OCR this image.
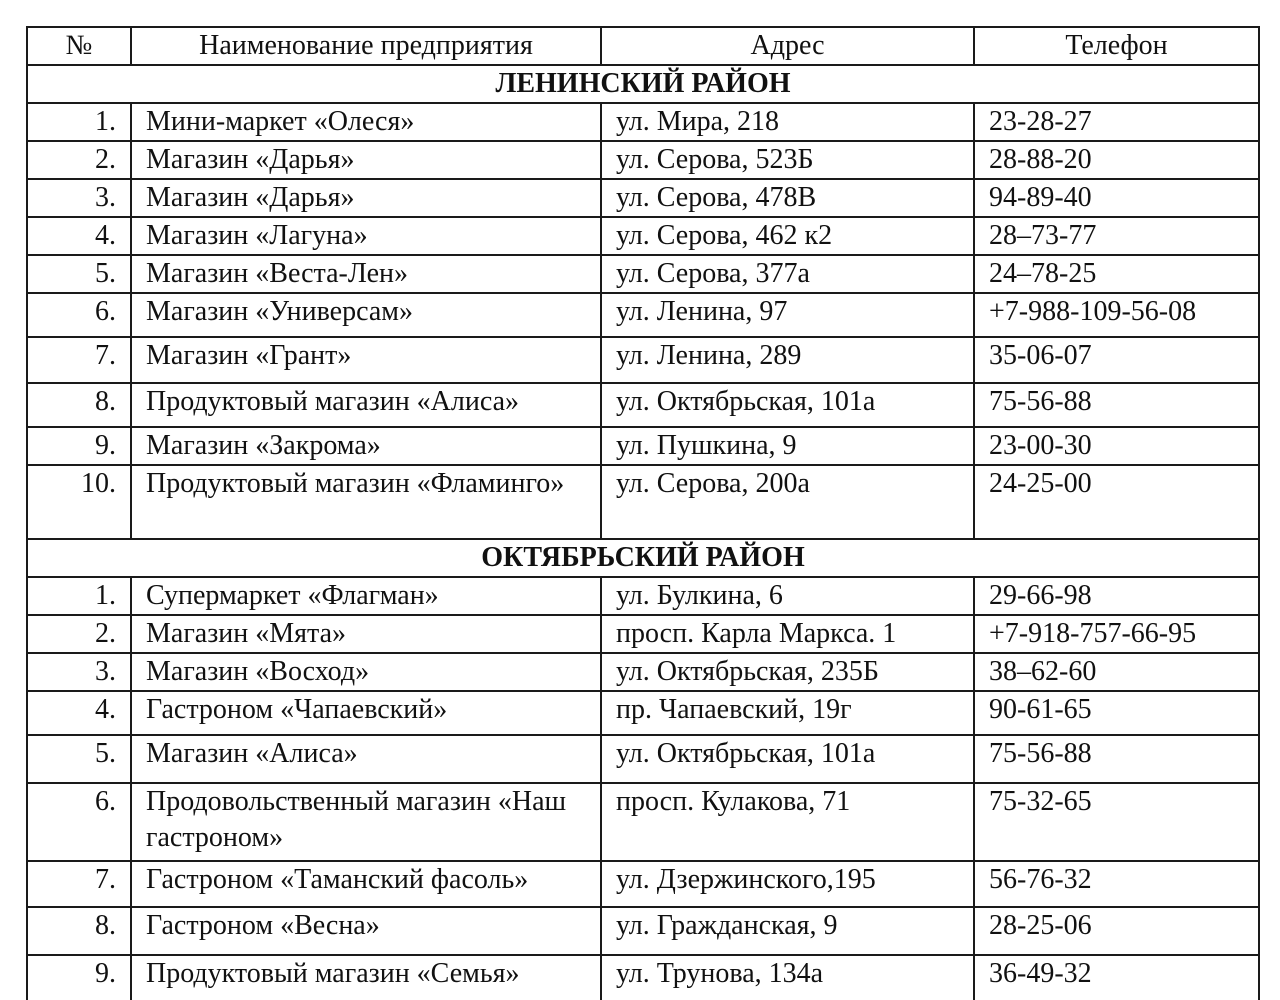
№	Наименование предприятия	Адрес	Телефон
ЛЕНИНСКИЙ РАЙОН			
1.	Мини-маркет «Олеся»	ул. Мира, 218	23-28-27
2.	Магазин «Дарья»	ул. Серова, 523Б	28-88-20
3.	Магазин «Дарья»	ул. Серова, 478В	94-89-40
4.	Магазин «Лагуна»	ул. Серова, 462 к2	28–73-77
5.	Магазин «Веста-Лен»	ул. Серова, 377а	24–78-25
6.	Магазин «Универсам»	ул. Ленина, 97	+7-988-109-56-08
7.	Магазин «Грант»	ул. Ленина, 289	35-06-07
8.	Продуктовый магазин «Алиса»	ул. Октябрьская, 101а	75-56-88
9.	Магазин «Закрома»	ул. Пушкина, 9	23-00-30
10.	Продуктовый магазин «Фламинго»	ул. Серова, 200а	24-25-00
ОКТЯБРЬСКИЙ РАЙОН			
1.	Супермаркет «Флагман»	ул. Булкина, 6	29-66-98
2.	Магазин «Мята»	просп. Карла Маркса. 1	+7-918-757-66-95
3.	Магазин «Восход»	ул. Октябрьская, 235Б	38–62-60
4.	Гастроном «Чапаевский»	пр. Чапаевский, 19г	90-61-65
5.	Магазин «Алиса»	ул. Октябрьская, 101а	75-56-88
6.	Продовольственный магазин «Наш гастроном»	просп. Кулакова, 71	75-32-65
7.	Гастроном «Таманский фасоль»	ул. Дзержинского,195	56-76-32
8.	Гастроном «Весна»	ул. Гражданская, 9	28-25-06
9.	Продуктовый магазин «Семья»	ул. Трунова, 134а	36-49-32
